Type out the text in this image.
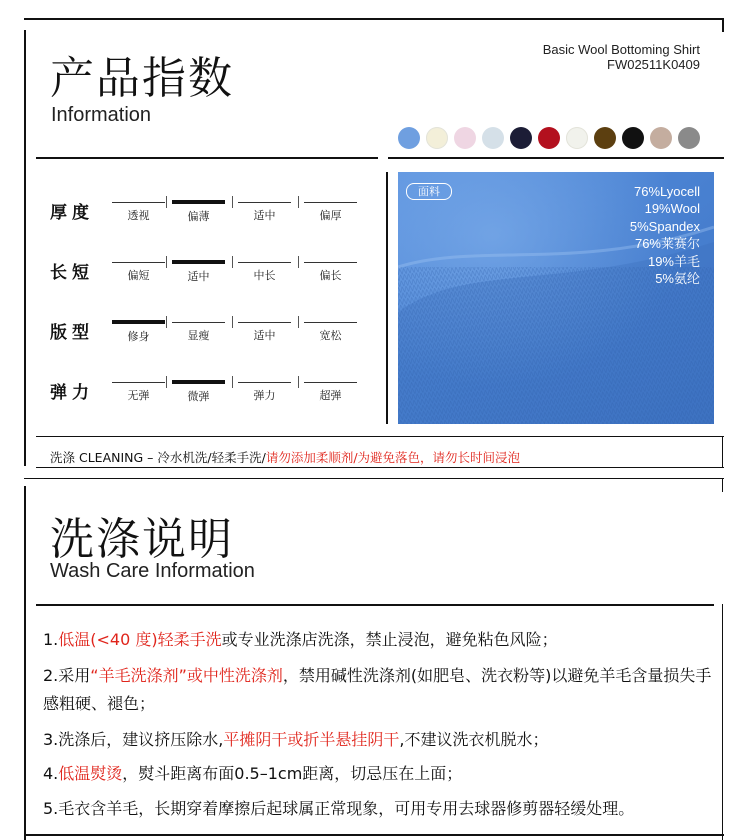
产品指数
Information
Basic Wool Bottoming Shirt
FW02511K0409
厚度	透视	偏薄	适中	偏厚
长短	偏短	适中	中长	偏长
版型	修身	显瘦	适中	宽松
弹力	无弹	微弹	弹力	超弹
面料	76%Lyocell
19%Wool
5%Spandex
76%莱赛尔
19%羊毛
5%氨纶
洗涤 CLEANING – 冷水机洗/轻柔手洗/请勿添加柔顺剂/为避免落色，请勿长时间浸泡
洗涤说明
Wash Care Information
1.低温(<40 度)轻柔手洗或专业洗涤店洗涤，禁止浸泡，避免粘色风险；
2.采用“羊毛洗涤剂”或中性洗涤剂，禁用碱性洗涤剂(如肥皂、洗衣粉等)以避免羊毛含量损失手感粗硬、褪色；
3.洗涤后，建议挤压除水,平摊阴干或折半悬挂阴干,不建议洗衣机脱水；
4.低温熨烫，熨斗距离布面0.5–1cm距离，切忌压在上面；
5.毛衣含羊毛，长期穿着摩擦后起球属正常现象，可用专用去球器修剪器轻缓处理。
